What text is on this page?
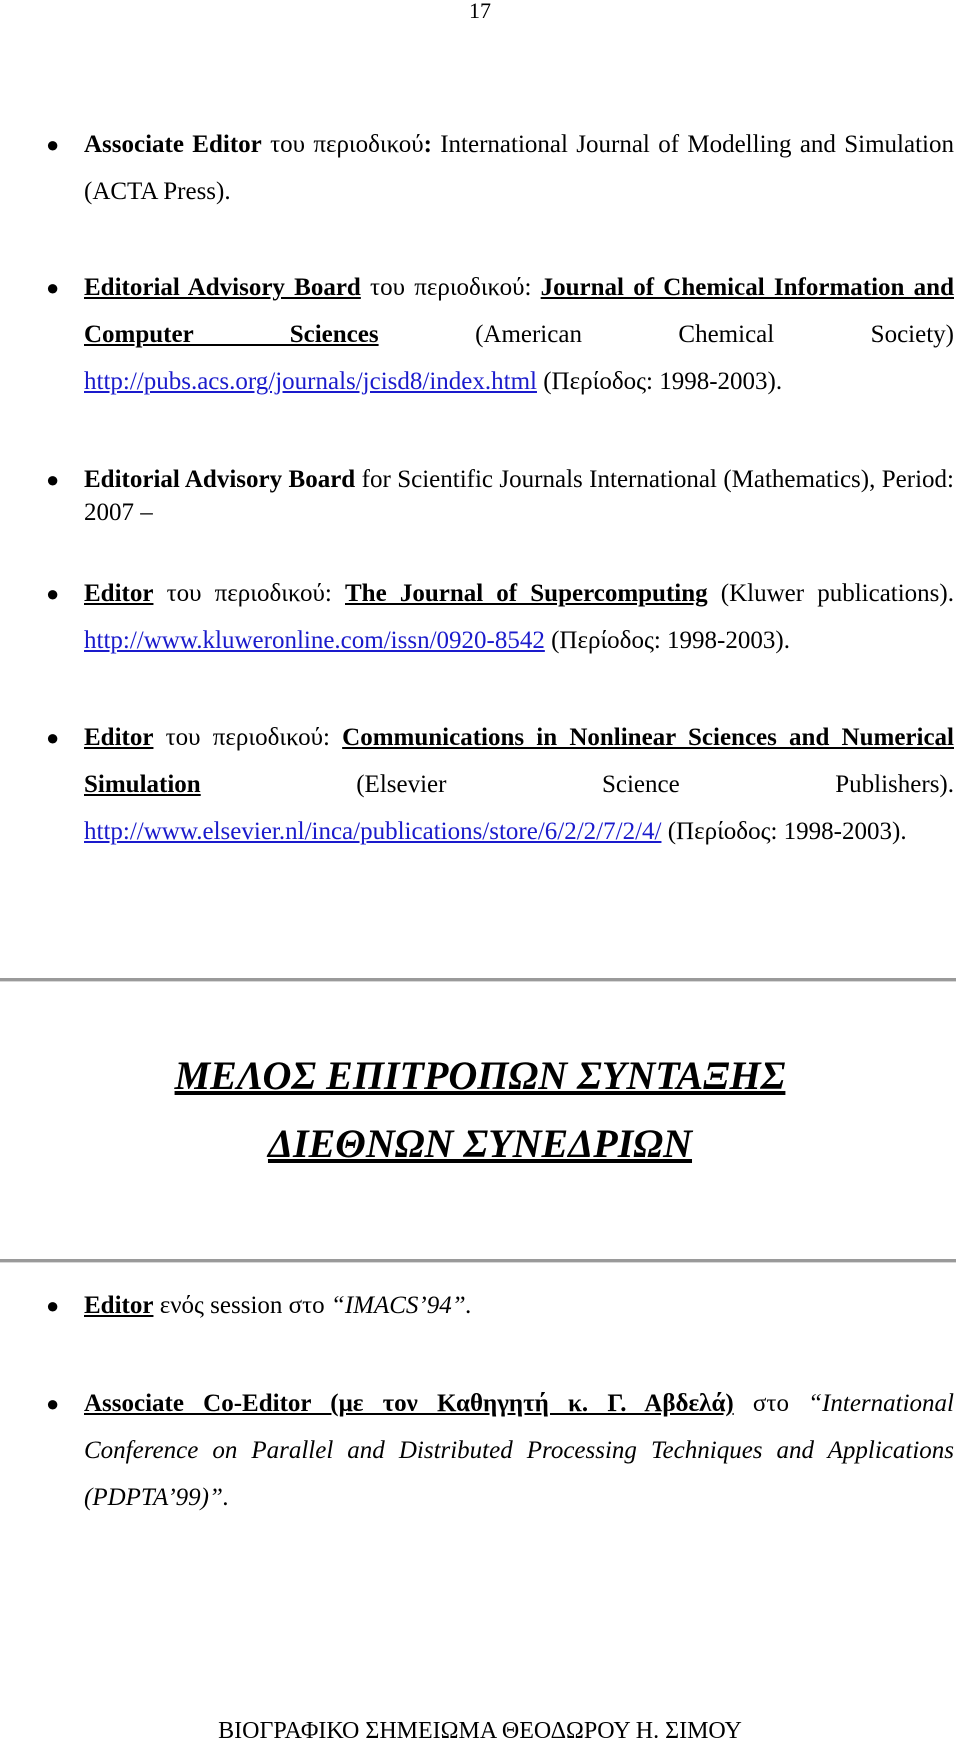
17
● Associate Editor του περιοδικού: International Journal of Modelling and Simulation (ACTA Press).
● Editorial Advisory Board του περιοδικού: Journal of Chemical Information and Computer Sciences (American Chemical Society) http://pubs.acs.org/journals/jcisd8/index.html (Περίοδος: 1998-2003).
● Editorial Advisory Board for Scientific Journals International (Mathematics), Period: 2007 –
● Editor του περιοδικού: The Journal of Supercomputing (Kluwer publications). http://www.kluweronline.com/issn/0920-8542 (Περίοδος: 1998-2003).
● Editor του περιοδικού: Communications in Nonlinear Sciences and Numerical Simulation (Elsevier Science Publishers). http://www.elsevier.nl/inca/publications/store/6/2/2/7/2/4/ (Περίοδος: 1998-2003).
ΜΕΛΟΣ ΕΠΙΤΡΟΠΩΝ ΣΥΝΤΑΞΗΣ
ΔΙΕΘΝΩΝ ΣΥΝΕΔΡΙΩΝ
● Editor ενός session στο “IMACS’94”.
● Associate Co-Editor (με τον Καθηγητή κ. Γ. Αβδελά) στο “International Conference on Parallel and Distributed Processing Techniques and Applications (PDPTA’99)”.
ΒΙΟΓΡΑΦΙΚΟ ΣΗΜΕΙΩΜΑ ΘΕΟΔΩΡΟΥ Η. ΣΙΜΟΥ
